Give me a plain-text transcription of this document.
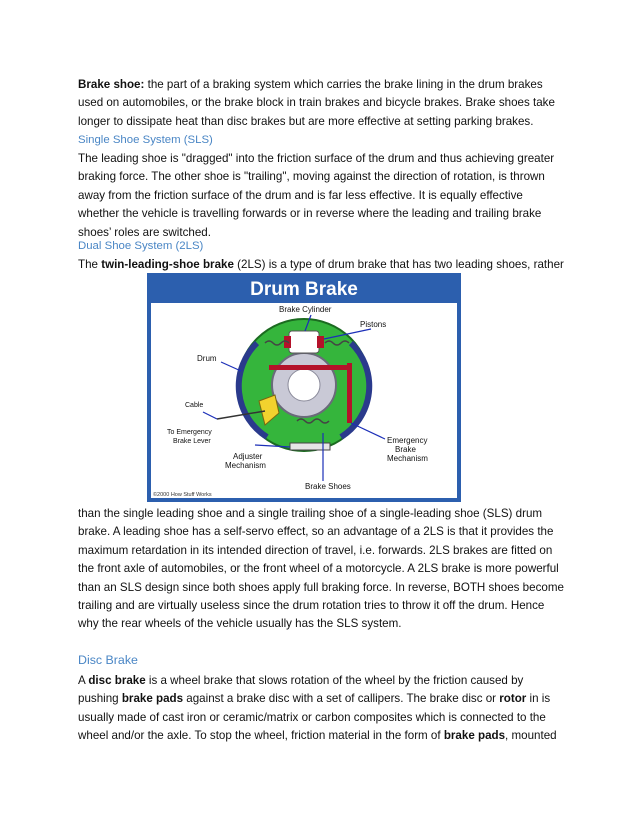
Brake shoe: the part of a braking system which carries the brake lining in the drum brakes used on automobiles, or the brake block in train brakes and bicycle brakes. Brake shoes take longer to dissipate heat than disc brakes but are more effective at setting parking brakes.

Single Shoe System (SLS)

The leading shoe is "dragged" into the friction surface of the drum and thus achieving greater braking force. The other shoe is "trailing", moving against the direction of rotation, is thrown away from the friction surface of the drum and is far less effective. It is equally effective whether the vehicle is travelling forwards or in reverse where the leading and trailing brake shoes’ roles are switched.

Dual Shoe System (2LS)

The twin-leading-shoe brake (2LS) is a type of drum brake that has two leading shoes, rather

Drum Brake
Brake Cylinder
Pistons
Drum
Cable
To Emergency
Brake Lever
Adjuster
Mechanism
Brake Shoes
Emergency
Brake
Mechanism
©2000 How Stuff Works

than the single leading shoe and a single trailing shoe of a single-leading shoe (SLS) drum brake. A leading shoe has a self-servo effect, so an advantage of a 2LS is that it provides the maximum retardation in its intended direction of travel, i.e. forwards. 2LS brakes are fitted on the front axle of automobiles, or the front wheel of a motorcycle. A 2LS brake is more powerful than an SLS design since both shoes apply full braking force. In reverse, BOTH shoes become trailing and are virtually useless since the drum rotation tries to throw it off the drum. Hence why the rear wheels of the vehicle usually has the SLS system.

Disc Brake

A disc brake is a wheel brake that slows rotation of the wheel by the friction caused by pushing brake pads against a brake disc with a set of callipers. The brake disc or rotor in is usually made of cast iron or ceramic/matrix or carbon composites which is connected to the wheel and/or the axle. To stop the wheel, friction material in the form of brake pads, mounted
